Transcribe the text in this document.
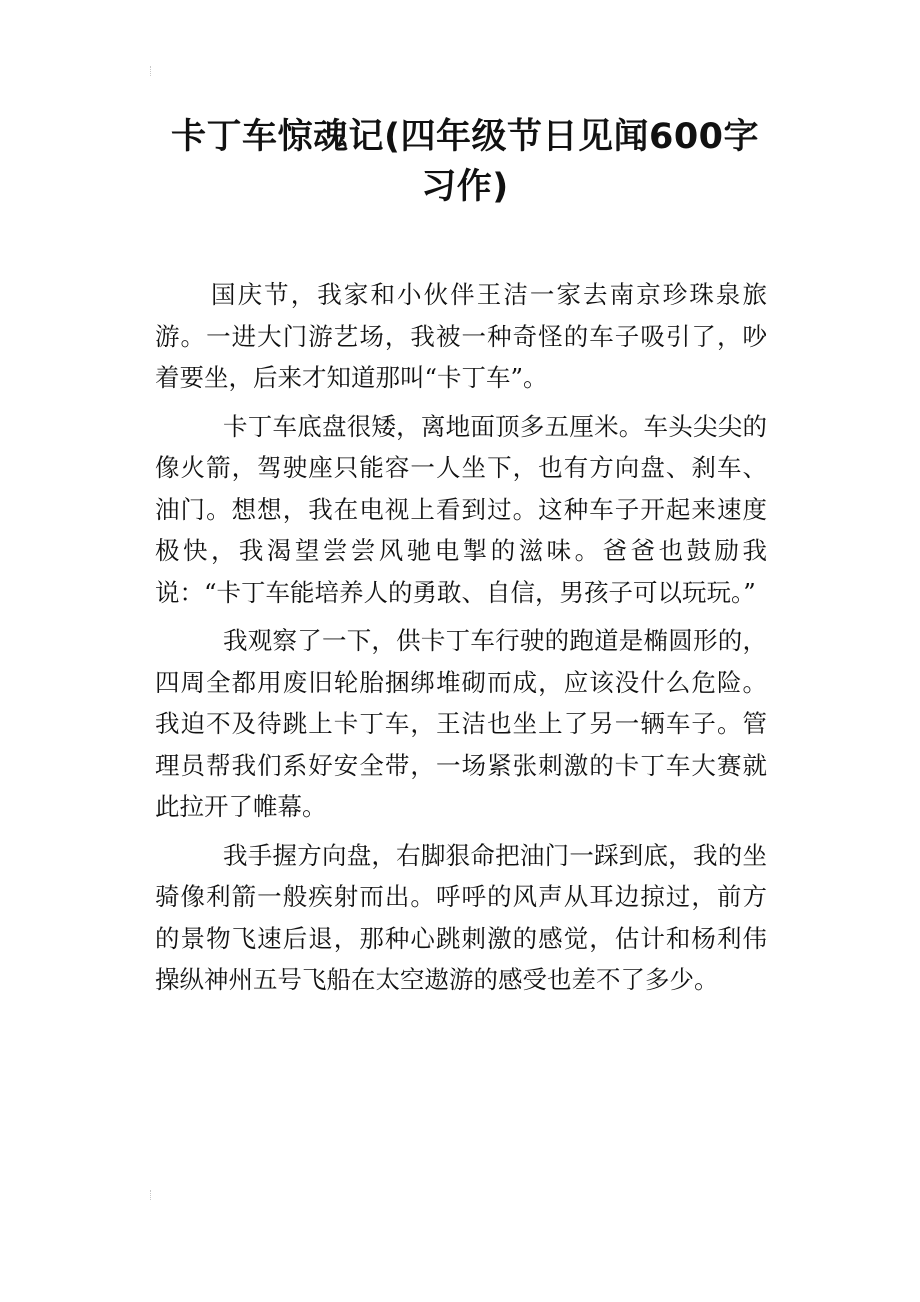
卡丁车惊魂记(四年级节日见闻600字
习作)

国庆节，我家和小伙伴王洁一家去南京珍珠泉旅游。一进大门游艺场，我被一种奇怪的车子吸引了，吵着要坐，后来才知道那叫“卡丁车”。

卡丁车底盘很矮，离地面顶多五厘米。车头尖尖的像火箭，驾驶座只能容一人坐下，也有方向盘、刹车、油门。想想，我在电视上看到过。这种车子开起来速度极快，我渴望尝尝风驰电掣的滋味。爸爸也鼓励我说：“卡丁车能培养人的勇敢、自信，男孩子可以玩玩。”

我观察了一下，供卡丁车行驶的跑道是椭圆形的，四周全都用废旧轮胎捆绑堆砌而成，应该没什么危险。我迫不及待跳上卡丁车，王洁也坐上了另一辆车子。管理员帮我们系好安全带，一场紧张刺激的卡丁车大赛就此拉开了帷幕。

我手握方向盘，右脚狠命把油门一踩到底，我的坐骑像利箭一般疾射而出。呼呼的风声从耳边掠过，前方的景物飞速后退，那种心跳刺激的感觉，估计和杨利伟操纵神州五号飞船在太空遨游的感受也差不了多少。
